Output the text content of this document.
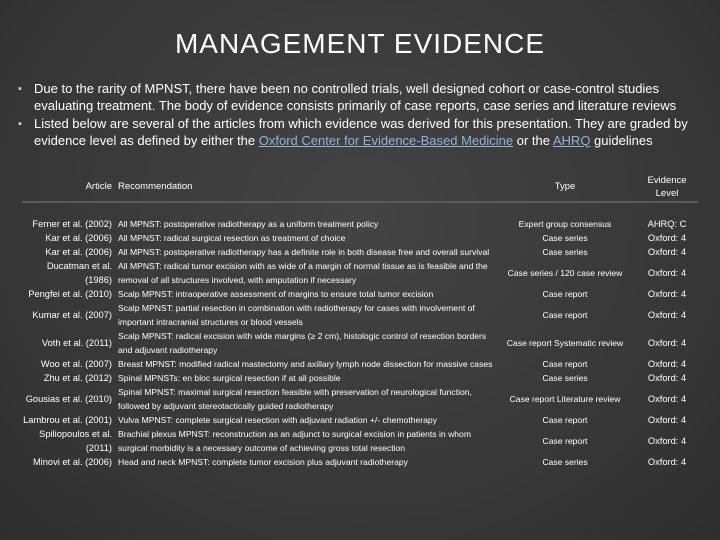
MANAGEMENT EVIDENCE
▪ Due to the rarity of MPNST, there have been no controlled trials, well designed cohort or case-control studies evaluating treatment. The body of evidence consists primarily of case reports, case series and literature reviews
▪ Listed below are several of the articles from which evidence was derived for this presentation. They are graded by evidence level as defined by either the Oxford Center for Evidence-Based Medicine or the AHRQ guidelines
Article	Recommendation	Type	Evidence Level

Ferner et al. (2002)	All MPNST: postoperative radiotherapy as a uniform treatment policy	Expert group consensus	AHRQ: C
Kar et al. (2006)	All MPNST: radical surgical resection as treatment of choice	Case series	Oxford: 4
Kar et al. (2006)	All MPNST: postoperative radiotherapy has a definite role in both disease free and overall survival	Case series	Oxford: 4
Ducatman et al. (1986)	All MPNST: radical tumor excision with as wide of a margin of normal tissue as is feasible and the removal of all structures involved, with amputation if necessary	Case series / 120 case review	Oxford: 4
Pengfei et al. (2010)	Scalp MPNST: intraoperative assessment of margins to ensure total tumor excision	Case report	Oxford: 4
Kumar et al. (2007)	Scalp MPNST: partial resection in combination with radiotherapy for cases with involvement of important intracranial structures or blood vessels	Case report	Oxford: 4
Voth et al. (2011)	Scalp MPNST: radical excision with wide margins (≥ 2 cm), histologic control of resection borders and adjuvant radiotherapy	Case report Systematic review	Oxford: 4
Woo et al. (2007)	Breast MPNST: modified radical mastectomy and axillary lymph node dissection for massive cases	Case report	Oxford: 4
Zhu et al. (2012)	Spinal MPNSTs: en bloc surgical resection if at all possible	Case series	Oxford: 4
Gousias et al. (2010)	Spinal MPNST: maximal surgical resection feasible with preservation of neurological function, followed by adjuvant stereotactically guided radiotherapy	Case report Literature review	Oxford: 4
Lambrou et al. (2001)	Vulva MPNST: complete surgical resection with adjuvant radiation +/- chemotherapy	Case report	Oxford: 4
Spiliopoulos et al. (2011)	Brachial plexus MPNST: reconstruction as an adjunct to surgical excision in patients in whom surgical morbidity is a necessary outcome of achieving gross total resection	Case report	Oxford: 4
Minovi et al. (2006)	Head and neck MPNST: complete tumor excision plus adjuvant radiotherapy	Case series	Oxford: 4
